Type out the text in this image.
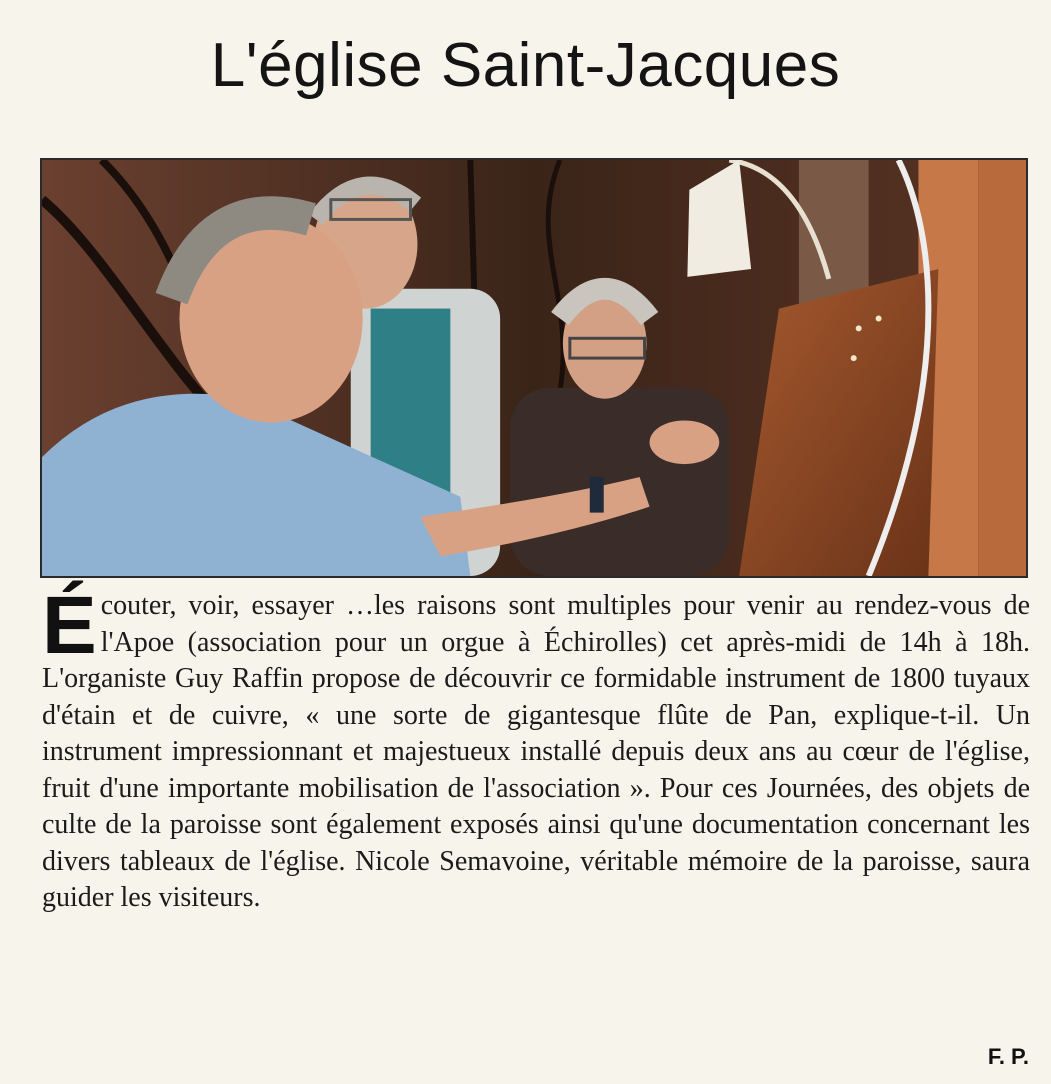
L'église Saint-Jacques

Écouter, voir, essayer …les raisons sont multiples pour venir au rendez-vous de l'Apoe (association pour un orgue à Échirolles) cet après-midi de 14h à 18h. L'organiste Guy Raffin propose de découvrir ce formidable instrument de 1800 tuyaux d'étain et de cuivre, « une sorte de gigantesque flûte de Pan, explique-t-il. Un instrument impressionnant et majestueux installé depuis deux ans au cœur de l'église, fruit d'une importante mobilisation de l'association ». Pour ces Journées, des objets de culte de la paroisse sont également exposés ainsi qu'une documentation concernant les divers tableaux de l'église. Nicole Semavoine, véritable mémoire de la paroisse, saura guider les visiteurs.

F. P.
